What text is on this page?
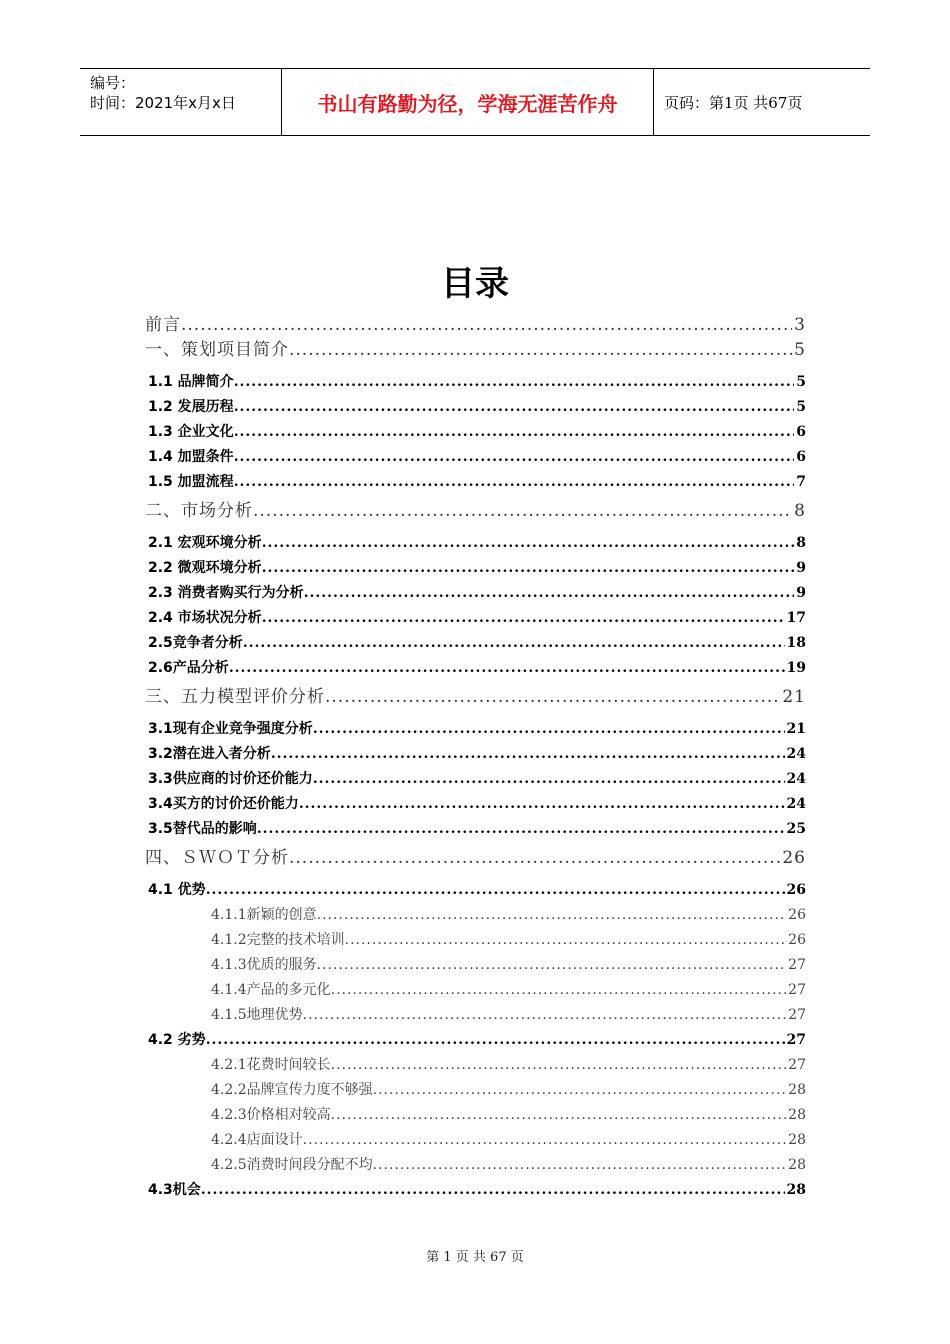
编号：
时间：2021年x月x日	书山有路勤为径，学海无涯苦作舟	页码：第1页 共67页
目录
前言 .....	3
一、策划项目简介 .....	5
1.1 品牌简介 .....	5
1.2 发展历程 .....	5
1.3 企业文化 .....	6
1.4 加盟条件 .....	6
1.5 加盟流程 .....	7
二、市场分析 .....	8
2.1 宏观环境分析 .....	8
2.2 微观环境分析 .....	9
2.3 消费者购买行为分析 .....	9
2.4 市场状况分析 .....	17
2.5竞争者分析 .....	18
2.6产品分析 .....	19
三、五力模型评价分析 .....	21
3.1现有企业竞争强度分析 .....	21
3.2潜在进入者分析 .....	24
3.3供应商的讨价还价能力 .....	24
3.4买方的讨价还价能力 .....	24
3.5替代品的影响 .....	25
四、ＳＷＯＴ分析 .....	26
4.1 优势 .....	26
4.1.1新颖的创意 .....	26
4.1.2完整的技术培训 .....	26
4.1.3优质的服务 .....	27
4.1.4产品的多元化 .....	27
4.1.5地理优势 .....	27
4.2 劣势 .....	27
4.2.1花费时间较长 .....	27
4.2.2品牌宣传力度不够强 .....	28
4.2.3价格相对较高 .....	28
4.2.4店面设计 .....	28
4.2.5消费时间段分配不均 .....	28
4.3机会 .....	28
第 1 页 共 67 页
